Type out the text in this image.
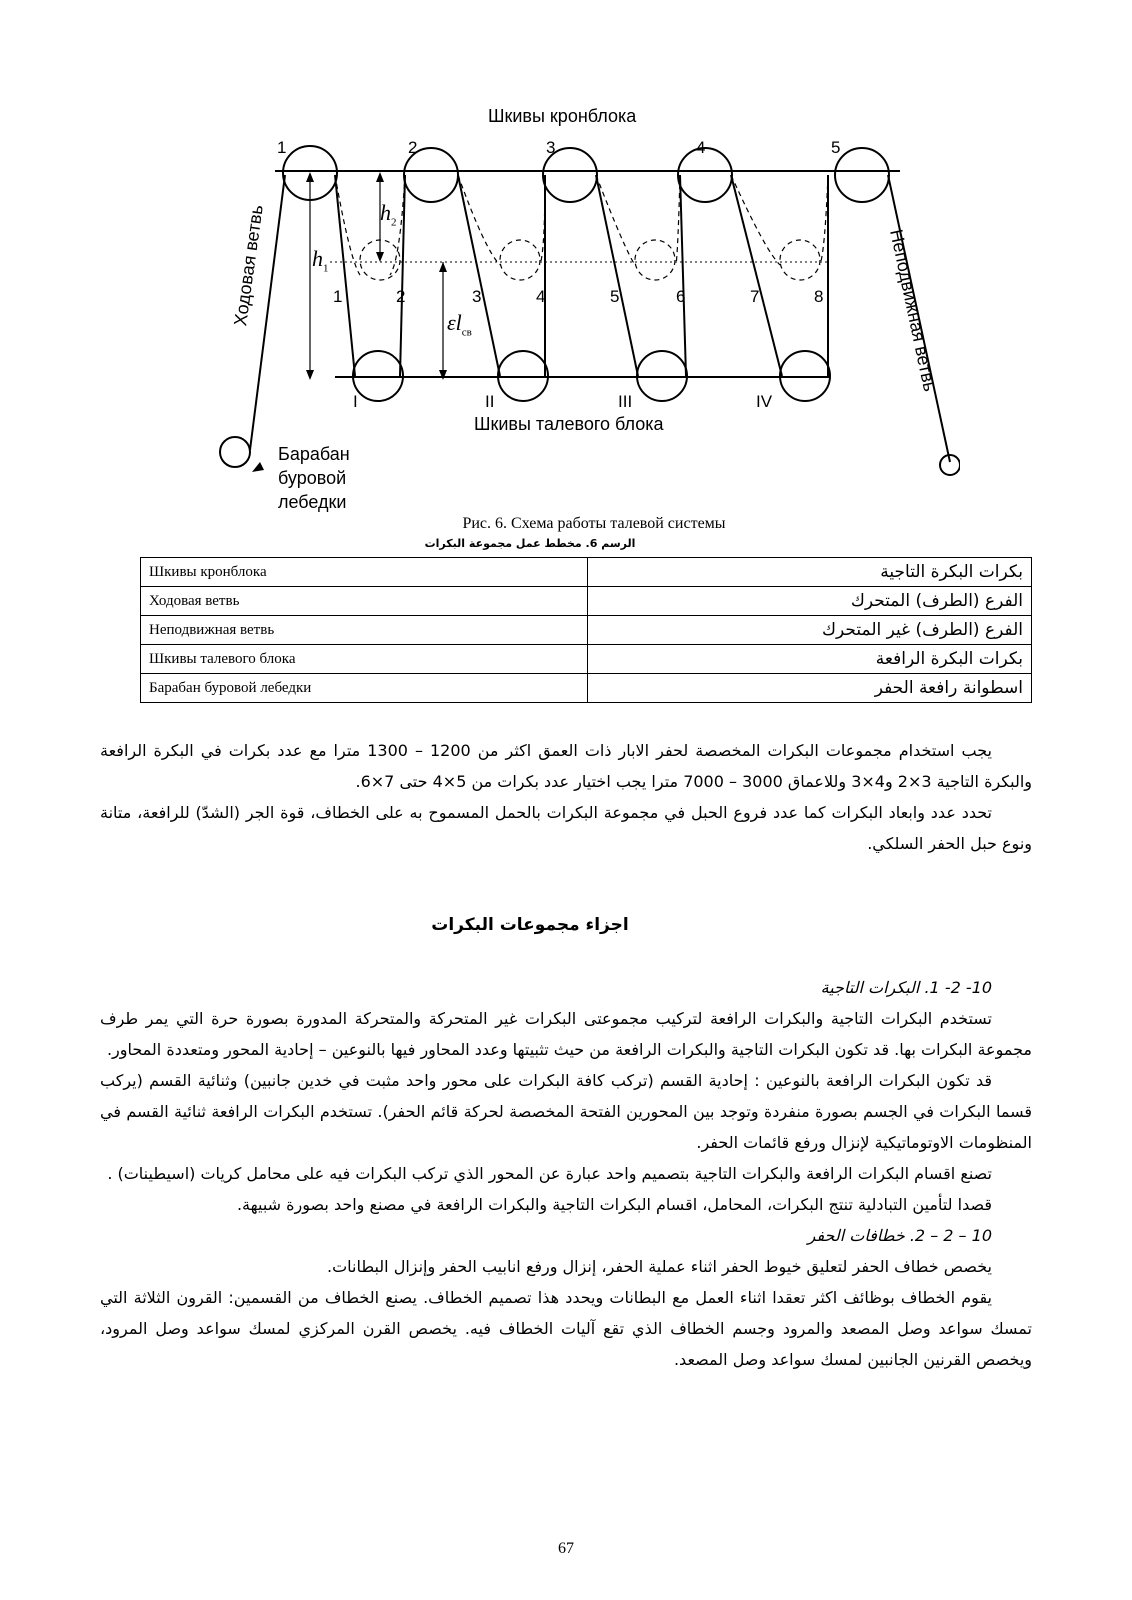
Шкивы кронблока
Шкивы талевого блока
Ходовая ветвь	Неподвижная ветвь
Барабан
буровой
лебедки
1	2	3	4	5
1	2	3	4	5	6	7	8
I	II	III	IV
$h_1$
$h_2$
$\varepsilon l_{св}$
Рис. 6. Схема работы талевой системы
الرسم 6. مخطط عمل مجموعة البكرات
Шкивы кронблока	بكرات البكرة التاجية
Ходовая ветвь	الفرع (الطرف) المتحرك
Неподвижная ветвь	الفرع (الطرف) غير المتحرك
Шкивы талевого блока	بكرات البكرة الرافعة
Барабан буровой лебедки	اسطوانة رافعة الحفر

يجب استخدام مجموعات البكرات المخصصة لحفر الابار ذات العمق اكثر من 1200 – 1300 مترا مع عدد بكرات في البكرة الرافعة والبكرة التاجية 3×2 و4×3 وللاعماق 3000 – 7000 مترا يجب اختيار عدد بكرات من 5×4 حتى 7×6.

تحدد عدد وابعاد البكرات كما عدد فروع الحبل في مجموعة البكرات بالحمل المسموح به على الخطاف، قوة الجر (الشدّ) للرافعة، متانة ونوع حبل الحفر السلكي.

اجزاء مجموعات البكرات

10- 2- 1. البكرات التاجية

تستخدم البكرات التاجية والبكرات الرافعة لتركيب مجموعتى البكرات غير المتحركة والمتحركة المدورة بصورة حرة التي يمر طرف مجموعة البكرات بها. قد تكون البكرات التاجية والبكرات الرافعة من حيث تثبيتها وعدد المحاور فيها بالنوعين – إحادية المحور ومتعددة المحاور.

قد تكون البكرات الرافعة بالنوعين : إحادية القسم (تركب كافة البكرات على محور واحد مثبت في خدين جانبين) وثنائية القسم (يركب قسما البكرات في الجسم بصورة منفردة وتوجد بين المحورين الفتحة المخصصة لحركة قائم الحفر). تستخدم البكرات الرافعة ثنائية القسم في المنظومات الاوتوماتيكية لإنزال ورفع قائمات الحفر.

تصنع اقسام البكرات الرافعة والبكرات التاجية بتصميم واحد عبارة عن المحور الذي تركب البكرات فيه على محامل كريات (اسيطينات) .

قصدا لتأمين التبادلية تنتج البكرات، المحامل، اقسام البكرات التاجية والبكرات الرافعة في مصنع واحد بصورة شبيهة.

10 – 2 – 2. خطافات الحفر

يخصص خطاف الحفر لتعليق خيوط الحفر اثناء عملية الحفر، إنزال ورفع انابيب الحفر وإنزال البطانات.

يقوم الخطاف بوظائف اكثر تعقدا اثناء العمل مع البطانات ويحدد هذا تصميم الخطاف. يصنع الخطاف من القسمين: القرون الثلاثة التي تمسك سواعد وصل المصعد والمرود وجسم الخطاف الذي تقع آليات الخطاف فيه. يخصص القرن المركزي لمسك سواعد وصل المرود، ويخصص القرنين الجانبين لمسك سواعد وصل المصعد.

67
